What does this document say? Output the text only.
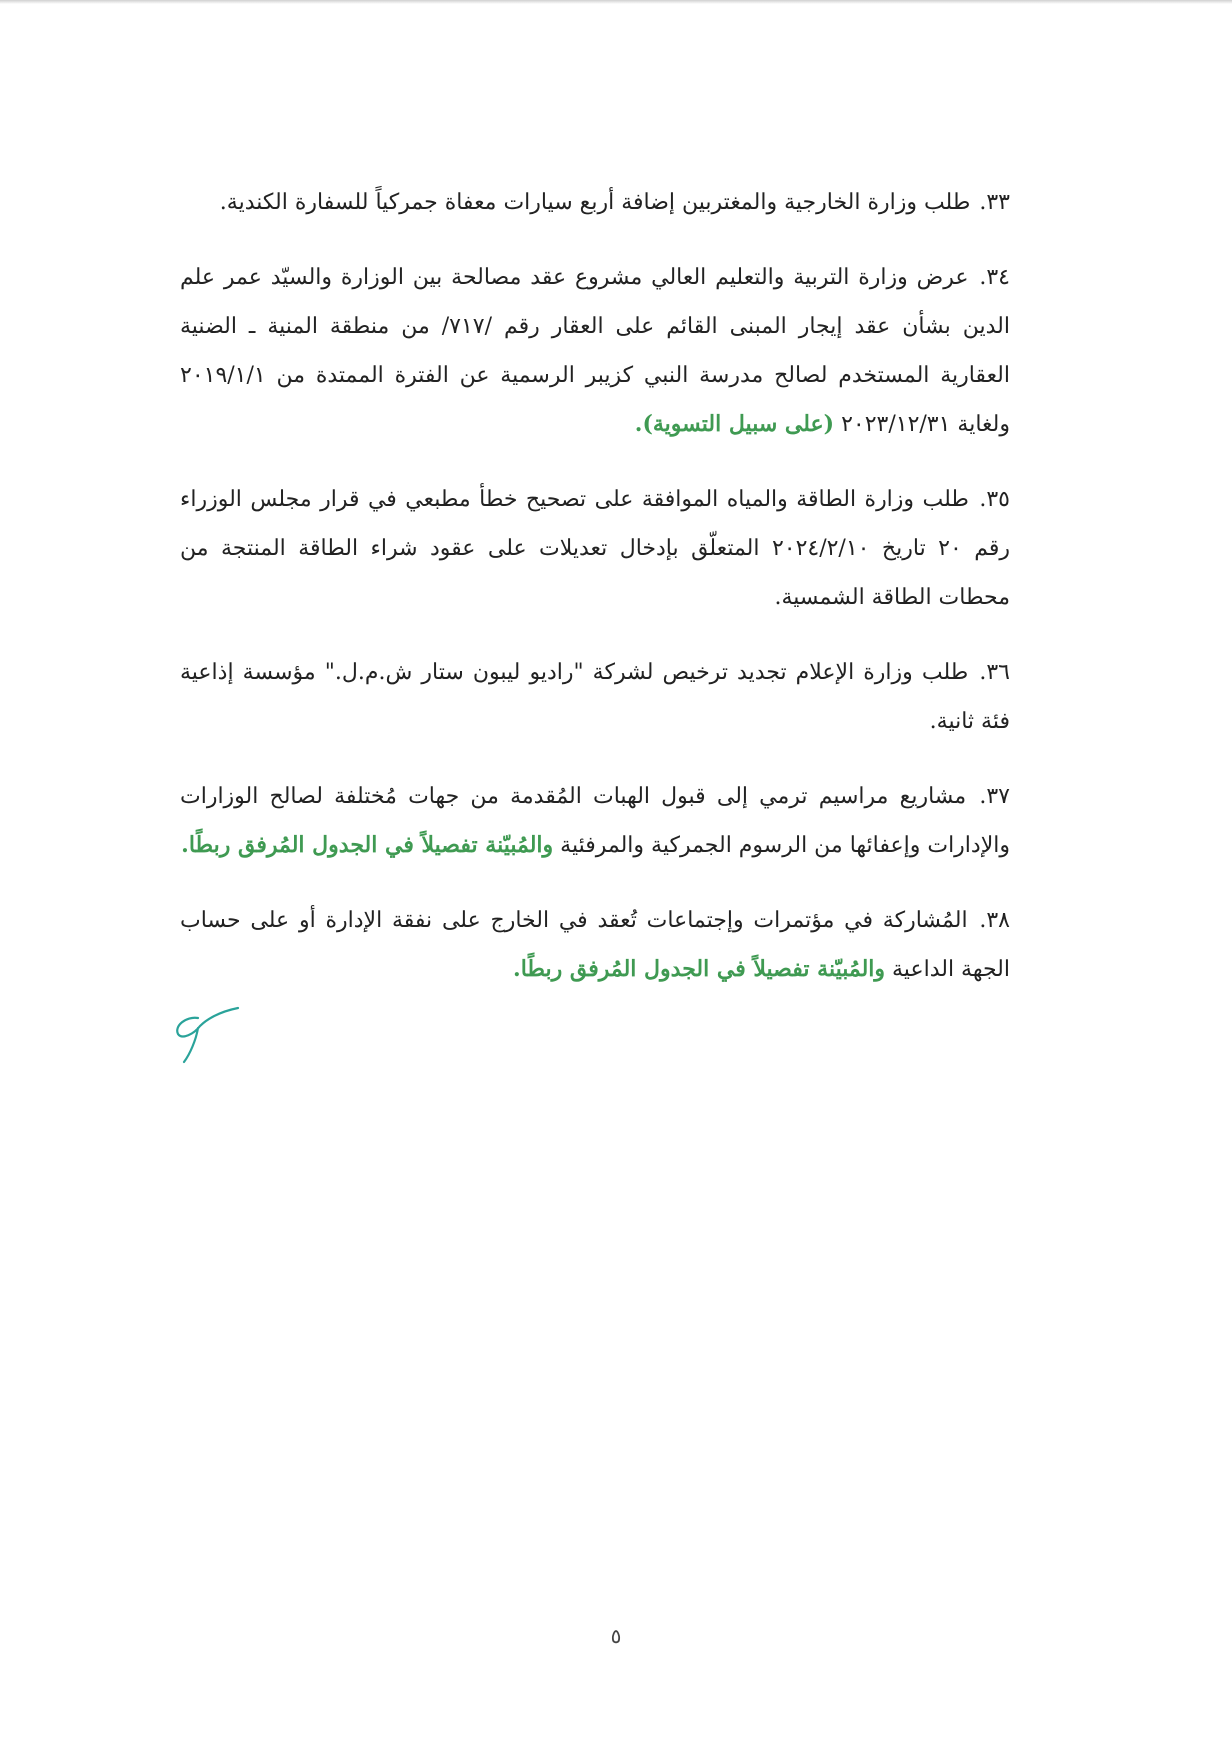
٣٣. طلب وزارة الخارجية والمغتربين إضافة أربع سيارات معفاة جمركياً للسفارة الكندية.

٣٤. عرض وزارة التربية والتعليم العالي مشروع عقد مصالحة بين الوزارة والسيّد عمر علم الدين بشأن عقد إيجار المبنى القائم على العقار رقم /٧١٧/ من منطقة المنية ـ الضنية العقارية المستخدم لصالح مدرسة النبي كزيبر الرسمية عن الفترة الممتدة من ٢٠١٩/١/١ ولغاية ٢٠٢٣/١٢/٣١ (على سبيل التسوية).

٣٥. طلب وزارة الطاقة والمياه الموافقة على تصحيح خطأ مطبعي في قرار مجلس الوزراء رقم ٢٠ تاريخ ٢٠٢٤/٢/١٠ المتعلّق بإدخال تعديلات على عقود شراء الطاقة المنتجة من محطات الطاقة الشمسية.

٣٦. طلب وزارة الإعلام تجديد ترخيص لشركة "راديو ليبون ستار ش.م.ل." مؤسسة إذاعية فئة ثانية.

٣٧. مشاريع مراسيم ترمي إلى قبول الهبات المُقدمة من جهات مُختلفة لصالح الوزارات والإدارات وإعفائها من الرسوم الجمركية والمرفئية والمُبيّنة تفصيلاً في الجدول المُرفق ربطًا.

٣٨. المُشاركة في مؤتمرات وإجتماعات تُعقد في الخارج على نفقة الإدارة أو على حساب الجهة الداعية والمُبيّنة تفصيلاً في الجدول المُرفق ربطًا.

٥
